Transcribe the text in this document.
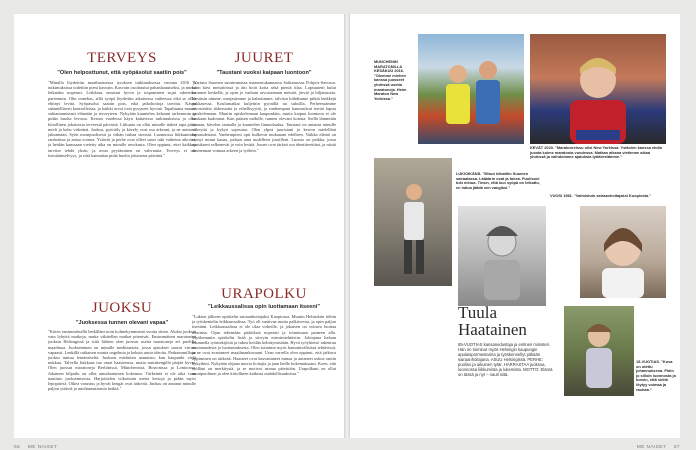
TERVEYS
"Olen helposttunut, että syöpäsolut saatiin pois"
"Minulla löydettiin maailmaisessa tyroksen tutkimuksessa vuonna 2016 ja tutkimuksissa todettiin pieni kasvain. Kasvain osoittautui pahanlaatuiseksi, ja minut leikattiin nopeasti. Leikkaus onnistui hyvin ja toipuminen sujui odotettua paremmin. Olin onnekas, sillä syöpä löydettiin aikaisessa vaiheessa eikä se ollut ehtinyt levitä. Syöpäsolut saatiin pois, eikä jatkohoitoja tarvittu. Kävin säännöllisesti kontrolleissa, ja kaikki arvot ovat pysyneet hyvinä. Tapahtuma muutti suhtautumistani elämään ja terveyteen. Nykyään kuuntelen kehoani tarkemmin ja pidän huolta levosta. Kerran vuodessa käyn kattavissa tutkimuksissa ja olen kiitollinen jokaisesta terveestä päivästä. Liikunta on ollut minulle tärkeä tapa pitää mieli ja keho virkeänä. Juoksu, pyöräily ja kävely ovat osa arkeani, ja ne auttavat jaksamaan. Syön monipuolisesti ja vältän turhaa stressiä. Luonnossa liikkuminen rauhoittaa ja antaa voimia. Ystävät ja perhe ovat olleet suuri tuki vaikeina aikoina, ja heidän kanssaan vietetty aika on minulle arvokasta. Olen oppinut, ettei kaikkea tarvitse tehdä yksin, ja avun pyytäminen on vahvuutta. Terveys ei ole itsestäänselvyys, ja siitä kannattaa pitää huolta jokaisena päivänä."
JUOKSU
"Juoksessa tunnen olevani vapaa"
"Kävin ensimmäisellä lenkilläni noin kolmekymmentä vuotta sitten. Aluksi juoksin vain lyhyitä matkoja, mutta vähitellen matkat pitenivät. Ensimmäisen maratonini juoksin Helsingissä ja siitä lähtien olen juossut useita maratoneja eri puolilla maailmaa. Juokseminen on minulle meditaatiota, jossa ajatukset saavat virrata vapaasti. Lenkillä ratkaisen monia ongelmia ja keksin uusia ideoita. Parhaimmillaan juoksu tuntuu lentämiseltä. Juoksen mieluiten aamuisin, kun kaupunki vielä nukkuu. Talvella liukkaus tuo omat haasteensa, mutta nastakengillä pärjää hyvin. Olen juossut maratoneja Berliinissä, Münchenissä, Bostonissa ja Lontoossa. Jokainen kilpailu on ollut ainutlaatuinen kokemus. Tärkeintä ei ole aika vaan nautinto juoksemisesta. Harjoittelen viikoittain useita kertoja ja pidän myös lepopäiviä. Oikea varustus ja hyvät kengät ovat tärkeitä. Juoksu on antanut minulle paljon ystäviä ja unohtumattomia hetkiä."
JUURET
"Taustani vuoksi kaipaan luontoon"
"Vartuin Suomen suurimmassa maaseutukunnassa Sotkamossa Pohjois-Savossa. Isäni kävi metsätöissä ja äiti hoiti kotia sekä pientä tilaa. Lapsuuteni kului luonnon keskellä, ja opin jo varhain arvostamaan metsää, järviä ja hiljaisuutta. Kesäisin uimme, marjastimme ja kalastimme, talvisin hiihdimme pitkiä lenkkejä pakkasessa. Koulumatkat kuljettiin pyörällä tai suksilla. Perheessämme arvostettiin ahkeruutta ja rehellisyyttä, ja vanhempani kannustivat meitä lapsia opiskelemaan. Muutin opiskelemaan kaupunkiin, mutta kaipuu luontoon ei ole koskaan kadonnut. Kun pääsen mökille, tunnen olevani kotona. Siellä lämmitän saunan, kävelen rannalla ja kuuntelen linnunlaulua. Taustani on antanut minulle sitkeyttä ja kykyä sopeutua. Olen ylpeä juuristani ja kerron mielelläni lapsuudestani. Vanhempieni opit kulkevat mukanani edelleen. Vaikka elämä on vienyt minut kauas, palaan aina uudelleen juurilleni. Luonto on paikka, jossa ajatukseni selkenevät ja voin levätä. Juuret ovat tärkeä osa identiteettiäni, ja niistä ammennan voimaa arkeen ja työhön."
URAPOLKU
"Leikkaussalissa opin luottamaan itseeni"
"Lukion jälkeen opiskelin sairaanhoitajaksi Kuopiossa. Muutin Helsinkiin töihin ja työskentelin leikkaussalissa. Työ oli vaativaa mutta palkitsevaa, ja opin paljon itsestäni. Leikkaussalissa ei ole tilaa virheille, ja jokaisen on voitava luottaa toisiinsa. Opin tekemään päätöksiä nopeasti ja toimimaan paineen alla. Myöhemmin opiskelin lisää ja siirryin esimiestehtäviin. Johtajana haluan kuunnella työntekijöitä ja tukea heidän kehittymistään. Hyvä työyhteisö rakentuu avoimuudesta ja luottamuksesta. Olen toiminut myös kansainvälisissä tehtävissä, ja ne ovat avartaneet maailmankuvaani. Uran varrella olen oppinut, että jatkuva oppiminen on tärkeää. Haasteet ovat kasvattaneet minua ja antaneet uskoa omiin kykyihini. Nykyään ohjaan nuoria hoitajia ja jaan heille kokemuksiani. Koen, että työlläni on merkitystä, ja se motivoi minua päivittäin. Urapolkuni on ollut monipuolinen ja olen kiitollinen kaikista mahdollisuuksista."
66 ME NAISET
MÜNCHENIN MARATONILLA KESÄKUU 2016. "Olemme miehen kanssa juosseet yhdessä useita maratoneja. Heim Maraton New Yorkissa."
KEVÄT 2020. "Maratonreissu olisi New Yorkissa. Ystävien kanssa ehdin juosta kolme maratonia vuodessa. Matkan aikana vietimme aikaa yhdessä ja vaihdoimme ajatuksia tyttärestämme."
LUKIOIKÄNÄ. "Minut leikattiin Suomen sairaalassa. Lääkärin ovat ja tukea. Puolisoni tuki minua. Tiesin, että kun syöpä on leikattu, en halua jäädä sen vangiksi."
VUOSI 1981. "Valmistuin sairaanhoitajaksi Kuopiosta."
Tuula
Haatainen
65-VUOTIAS kansanedustaja ja entinen ministeri. Hän on toiminut myös Helsingin kaupungin apulaispormestarina ja työskennellyt pitkään sairaanhoitajana. ASUU Helsingissä. PERHE: puoliso ja aikuinen tytär. HARRASTAA juoksua, luonnossa liikkumista ja lukemista. MOTTO: Elämä on tässä ja nyt – nauti siitä.
15-VUOTIAS. "Kuva on otettu juhannuksena. Pidin jo silloin luonnosta ja tunsin, että sieltä löytyy voimaa ja rauhaa."
ME NAISET 67
